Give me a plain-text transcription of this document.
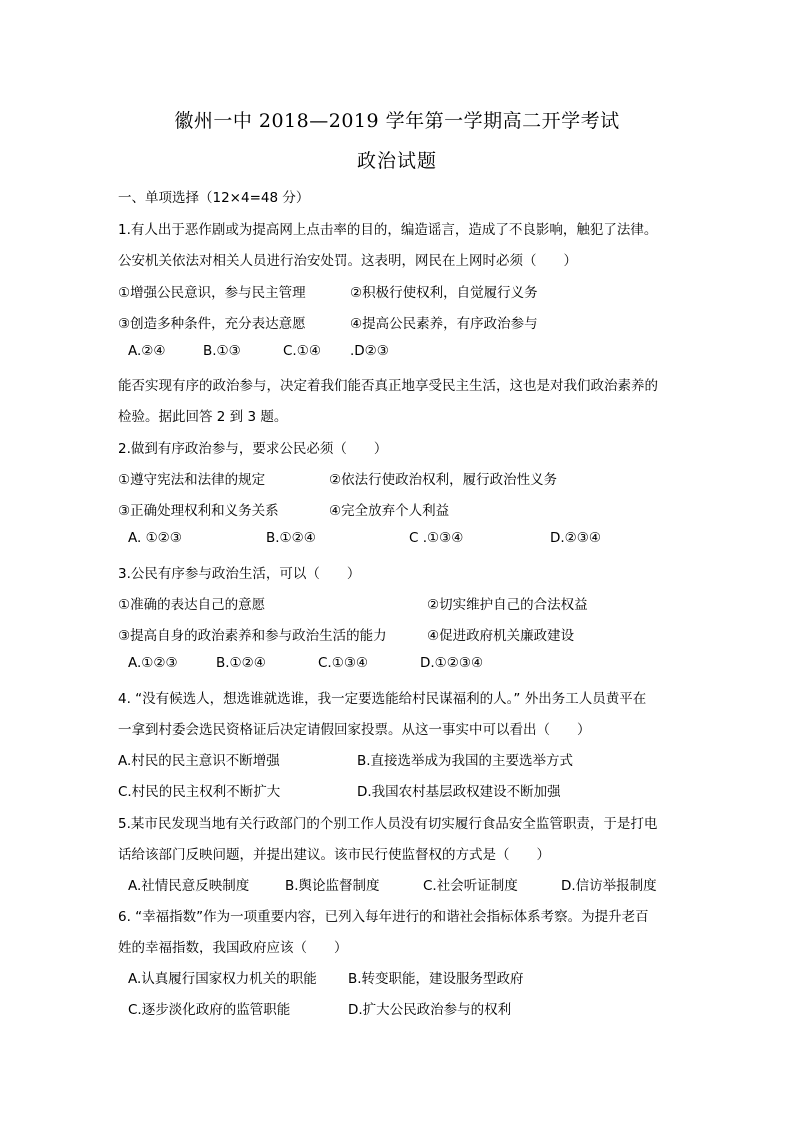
徽州一中 2018—2019 学年第一学期高二开学考试
政治试题
一、单项选择（12×4=48 分）
1.有人出于恶作剧或为提高网上点击率的目的，编造谣言，造成了不良影响，触犯了法律。
公安机关依法对相关人员进行治安处罚。这表明，网民在上网时必须（　　）
①增强公民意识，参与民主管理	②积极行使权利，自觉履行义务
③创造多种条件，充分表达意愿	④提高公民素养，有序政治参与
A.②④	B.①③	C.①④ .D②③
能否实现有序的政治参与，决定着我们能否真正地享受民主生活，这也是对我们政治素养的
检验。据此回答 2 到 3 题。
2.做到有序政治参与，要求公民必须（　　）
①遵守宪法和法律的规定	②依法行使政治权利，履行政治性义务
③正确处理权利和义务关系	④完全放弃个人利益
A. ①②③	B.①②④	C .①③④	D.②③④
3.公民有序参与政治生活，可以（　　）
①准确的表达自己的意愿	②切实维护自己的合法权益
③提高自身的政治素养和参与政治生活的能力	④促进政府机关廉政建设
A.①②③	B.①②④	C.①③④	D.①②③④
4. “没有候选人，想选谁就选谁，我一定要选能给村民谋福利的人。” 外出务工人员黄平在
一拿到村委会选民资格证后决定请假回家投票。从这一事实中可以看出（　　）
A.村民的民主意识不断增强	B.直接选举成为我国的主要选举方式
C.村民的民主权利不断扩大	D.我国农村基层政权建设不断加强
5.某市民发现当地有关行政部门的个别工作人员没有切实履行食品安全监管职责，于是打电
话给该部门反映问题，并提出建议。该市民行使监督权的方式是（　　）
A.社情民意反映制度	B.舆论监督制度	C.社会听证制度	D.信访举报制度
6. “幸福指数”作为一项重要内容，已列入每年进行的和谐社会指标体系考察。为提升老百
姓的幸福指数，我国政府应该（　　）
A.认真履行国家权力机关的职能 B.转变职能，建设服务型政府
C.逐步淡化政府的监管职能	D.扩大公民政治参与的权利
